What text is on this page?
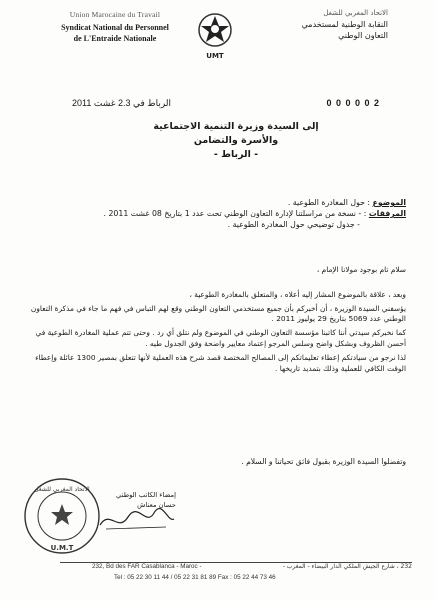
Union Marocaine du Travail
Syndicat National du Personnel
de L'Entraide Nationale
UMT
الاتحاد المغربي للشغل
النقابة الوطنية لمستخدمي
التعاون الوطني
الرباط في 2.3 غشت 2011	0 0 0 0 0 2
إلى السيدة وزيرة التنمية الاجتماعية
والأسرة والتضامن
- الرباط -
الموضوع : حول المغادرة الطوعية .
المرفقات : - نسخة من مراسلتنا لإدارة التعاون الوطني تحت عدد 1 بتاريخ 08 غشت 2011 .
- جدول توضيحي حول المغادرة الطوعية .

سلام تام بوجود مولانا الإمام ،

وبعد ، علاقة بالموضوع المشار إليه أعلاه ، والمتعلق بالمغادرة الطوعية ،

يؤسفني السيدة الوزيرة ، أن أخبركم بأن جميع مستخدمي التعاون الوطني وقع لهم التباس في فهم ما جاء في مذكرة التعاون الوطني عدد 5069 بتاريخ 29 يوليوز 2011 .

كما نخبركم سيدتي أننا كاتبنا مؤسسة التعاون الوطني في الموضوع ولم نتلق أي رد . وحتى تتم عملية المغادرة الطوعية في أحسن الظروف وبشكل واضح وسلس المرجو إعتماد معايير واضحة وفق الجدول طيه .

لذا نرجو من سيادتكم إعطاء تعليماتكم إلى المصالح المختصة قصد شرح هذه العملية لأنها تتعلق بمصير 1300 عائلة وإعطاء الوقت الكافي للعملية وذلك بتمديد تاريخها .

وتفضلوا السيدة الوزيرة بقبول فائق تحياتنا و السلام .
الاتحاد المغربي للشغل
U.M.T
إمضاء الكاتب الوطني
حسان معناش
232, Bd des FAR Casablanca - Maroc -	232 ، شارع الجيش الملكي الدار البيضاء - المغرب -
Tel : 05 22 30 11 44 / 05 22 31 81 89 Fax : 05 22 44 73 46
